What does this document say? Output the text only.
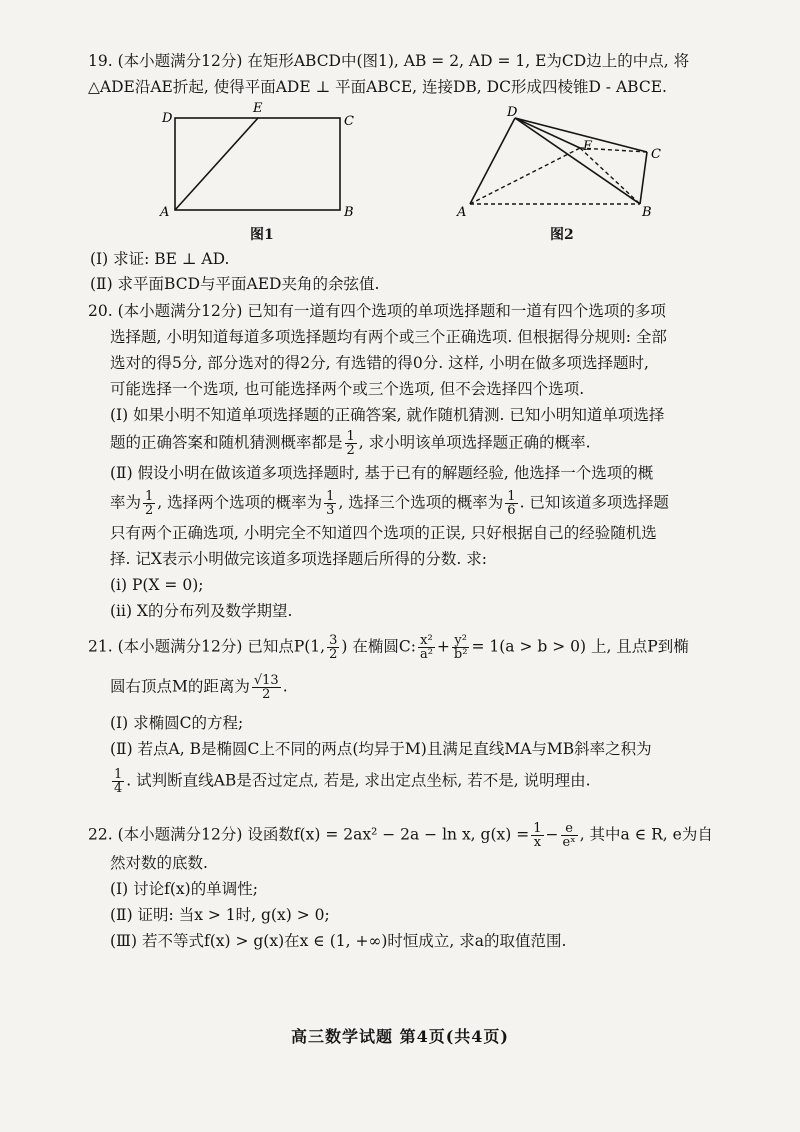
19. (本小题满分12分) 在矩形ABCD中(图1), AB = 2, AD = 1, E为CD边上的中点, 将
△ADE沿AE折起, 使得平面ADE ⊥ 平面ABCE, 连接DB, DC形成四棱锥D - ABCE.
D
E
C
A	B
图1
D
E
C
A	B
图2
(Ⅰ) 求证: BE ⊥ AD.
(Ⅱ) 求平面BCD与平面AED夹角的余弦值.
20. (本小题满分12分) 已知有一道有四个选项的单项选择题和一道有四个选项的多项
选择题, 小明知道每道多项选择题均有两个或三个正确选项. 但根据得分规则: 全部
选对的得5分, 部分选对的得2分, 有选错的得0分. 这样, 小明在做多项选择题时,
可能选择一个选项, 也可能选择两个或三个选项, 但不会选择四个选项.
(Ⅰ) 如果小明不知道单项选择题的正确答案, 就作随机猜测. 已知小明知道单项选择
题的正确答案和随机猜测概率都是 $\frac{1}{2}$ , 求小明该单项选择题正确的概率.
(Ⅱ) 假设小明在做该道多项选择题时, 基于已有的解题经验, 他选择一个选项的概
率为 $\frac{1}{2}$ , 选择两个选项的概率为 $\frac{1}{3}$ , 选择三个选项的概率为 $\frac{1}{6}$ . 已知该道多项选择题
只有两个正确选项, 小明完全不知道四个选项的正误, 只好根据自己的经验随机选
择. 记X表示小明做完该道多项选择题后所得的分数. 求:
(ⅰ) P(X = 0);
(ⅱ) X的分布列及数学期望.
21. (本小题满分12分) 已知点P(1, $\frac{3}{2}$ ) 在椭圆C: $\frac{\text{x²}}{\text{a²}} + \frac{\text{y²}}{\text{b²}} = 1(a > b > 0)$ 上, 且点P到椭
圆右顶点M的距离为 $\frac{√13}{2}$ .
(Ⅰ) 求椭圆C的方程;
(Ⅱ) 若点A, B是椭圆C上不同的两点(均异于M)且满足直线MA与MB斜率之积为
$\frac{1}{4}$ . 试判断直线AB是否过定点, 若是, 求出定点坐标, 若不是, 说明理由.
22. (本小题满分12分) 设函数f(x) = 2ax² − 2a − ln x, $g(x) = \frac{1}{x} - \frac{e}{\text{eˣ}}$ , 其中a ∈ R, e为自
然对数的底数.
(Ⅰ) 讨论f(x)的单调性;
(Ⅱ) 证明: 当x > 1时, g(x) > 0;
(Ⅲ) 若不等式f(x) > g(x)在x ∈ (1, +∞)时恒成立, 求a的取值范围.
高三数学试题 第4页(共4页)
